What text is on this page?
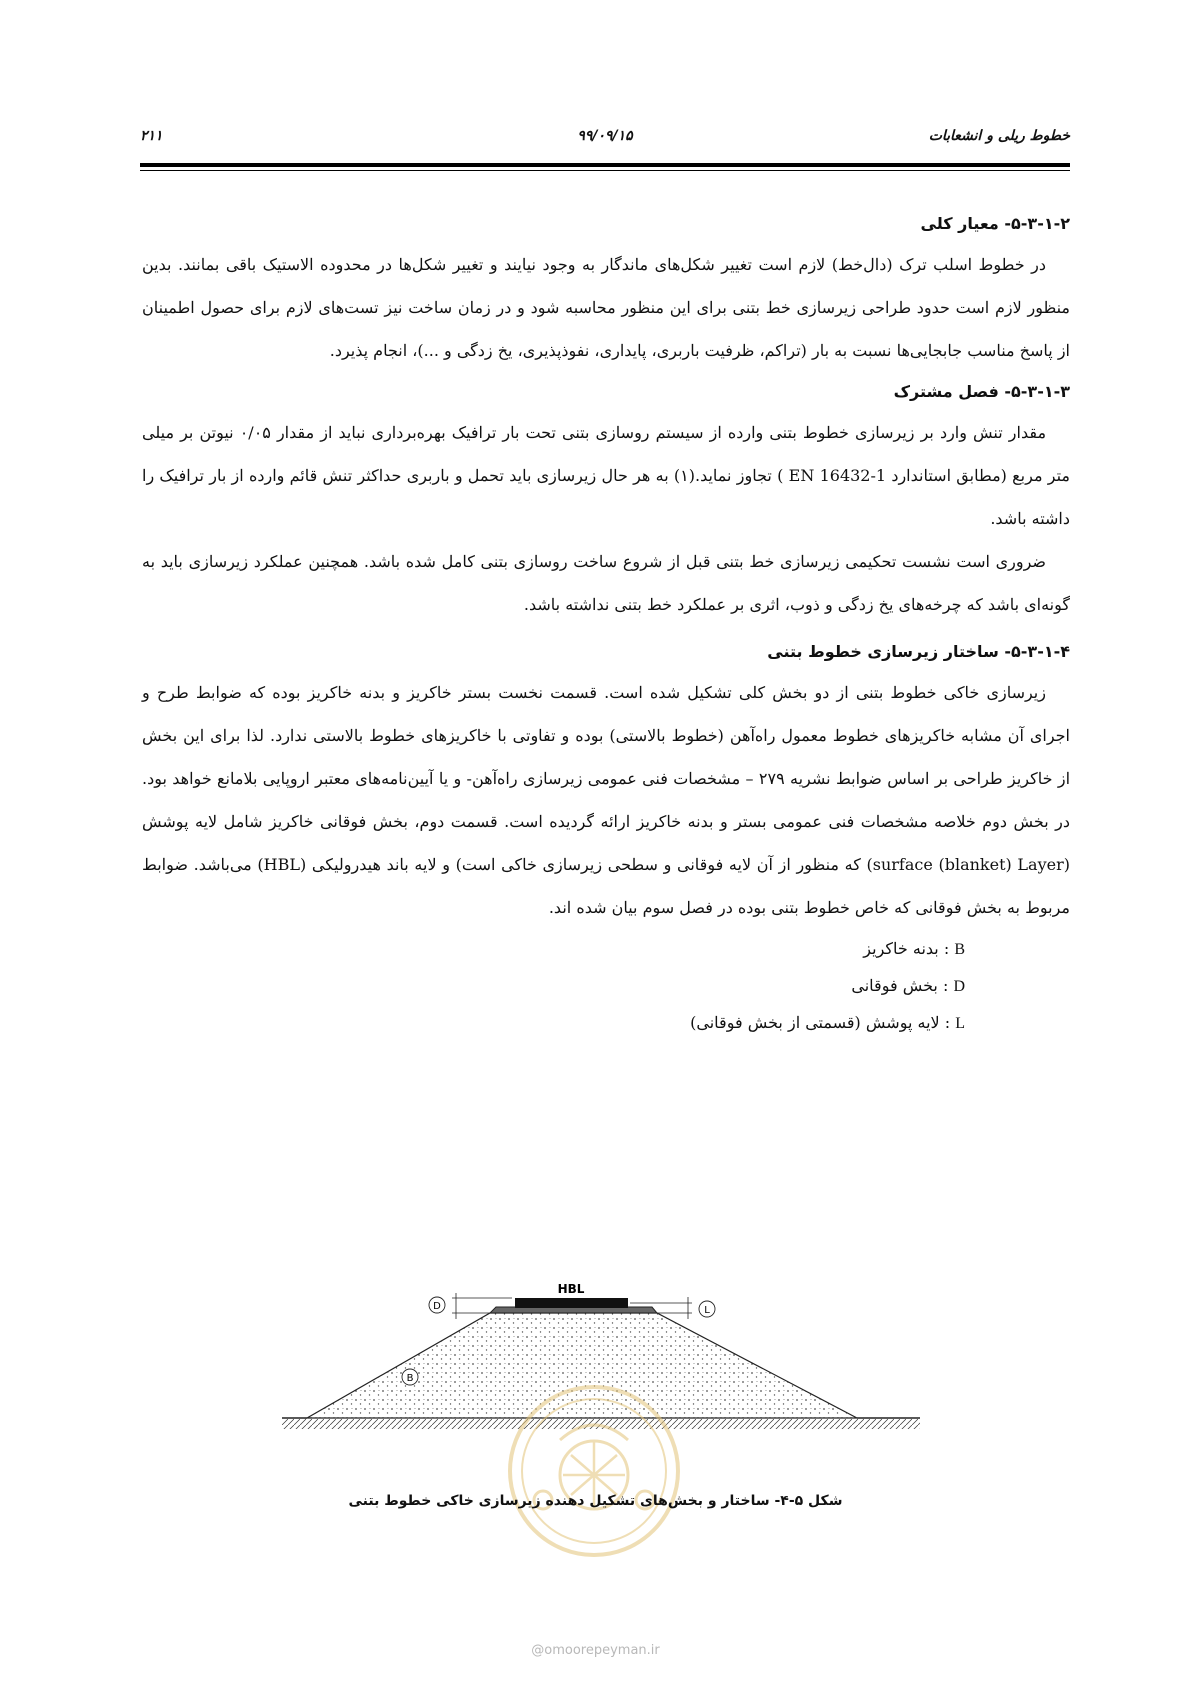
خطوط ریلی و انشعابات
۹۹/۰۹/۱۵
۲۱۱
۵-۳-۱-۲- معیار کلی

در خطوط اسلب ترک (دال‌خط) لازم است تغییر شکل‌های ماندگار به وجود نیایند و تغییر شکل‌ها در محدوده الاستیک باقی بمانند. بدین منظور لازم است حدود طراحی زیرسازی خط بتنی برای این منظور محاسبه شود و در زمان ساخت نیز تست‌های لازم برای حصول اطمینان از پاسخ مناسب جابجایی‌ها نسبت به بار (تراکم، ظرفیت باربری، پایداری، نفوذپذیری، یخ زدگی و ...)، انجام پذیرد.

۵-۳-۱-۳- فصل مشترک

مقدار تنش وارد بر زیرسازی خطوط بتنی وارده از سیستم روسازی بتنی تحت بار ترافیک بهره‌برداری نباید از مقدار ۰/۰۵ نیوتن بر میلی متر مربع (مطابق استاندارد EN 16432-1 ) تجاوز نماید.(۱) به هر حال زیرسازی باید تحمل و باربری حداکثر تنش قائم وارده از بار ترافیک را داشته باشد.

ضروری است نشست تحکیمی زیرسازی خط بتنی قبل از شروع ساخت روسازی بتنی کامل شده باشد. همچنین عملکرد زیرسازی باید به گونه‌ای باشد که چرخه‌های یخ زدگی و ذوب، اثری بر عملکرد خط بتنی نداشته باشد.

۵-۳-۱-۴- ساختار زیرسازی خطوط بتنی

زیرسازی خاکی خطوط بتنی از دو بخش کلی تشکیل شده است. قسمت نخست بستر خاکریز و بدنه خاکریز بوده که ضوابط طرح و اجرای آن مشابه خاکریزهای خطوط معمول راه‌آهن (خطوط بالاستی) بوده و تفاوتی با خاکریزهای خطوط بالاستی ندارد. لذا برای این بخش از خاکریز طراحی بر اساس ضوابط نشریه ۲۷۹ – مشخصات فنی عمومی زیرسازی راه‌آهن- و یا آیین‌نامه‌های معتبر اروپایی بلامانع خواهد بود. در بخش دوم خلاصه مشخصات فنی عمومی بستر و بدنه خاکریز ارائه گردیده است. قسمت دوم، بخش فوقانی خاکریز شامل لایه پوشش (surface (blanket) Layer) که منظور از آن لایه فوقانی و سطحی زیرسازی خاکی است) و لایه باند هیدرولیکی (HBL) می‌باشد. ضوابط مربوط به بخش فوقانی که خاص خطوط بتنی بوده در فصل سوم بیان شده اند.

B : بدنه خاکریز
D : بخش فوقانی
L : لایه پوشش (قسمتی از بخش فوقانی)
HBL
D	L
B
شکل ۵-۴- ساختار و بخش‌های تشکیل دهنده زیرسازی خاکی خطوط بتنی
@omoorepeyman.ir
